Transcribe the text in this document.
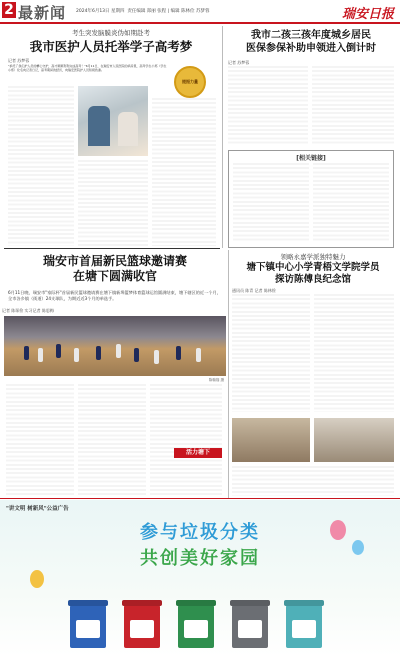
2 最新闻 2024年6月13日 星期四 责任编辑 郑丽 张程 | 编辑 陈林俭 苏梦蓉	瑞安日报
考生突发脑膜炎伪如期赴考
我市医护人员托举学子高考梦
记者 苏梦蓉
"承托了我们护人员的精心守护，高才顺顺利利完成高考！"6月11日，在瑞安市人民医院的病房里，高考学生小郑（学生小郑）化名向记者日记，高考期间的经历，向瑞安医院护人员积极致谢。
提振力量
我市二孩三孩年度城乡居民
医保参保补助申领进入倒计时
记者 苏梦蓉
[相关链接]
瑞安市首届新民篮球邀请赛
在塘下圆满收官
6月11日晚，瑞安市"家际杯"首届新民篮球邀请赛在塘下镇新埠篮梦体育篮球运馆圆满结束，塘下辖区的近一个月，全市各乡镇（街道）24支球队，为期近近3个月的单选手。
记者 陈琛俭 实习记者 陈思梅
陈翰翔 摄
活力塘下
领略永嘉学派独特魅力
塘下镇中心小学青梧文学院学员
探访陈傅良纪念馆
通讯员 陈青 记者 陈林俭
"讲文明 树新风"公益广告
参与垃圾分类
共创美好家园
